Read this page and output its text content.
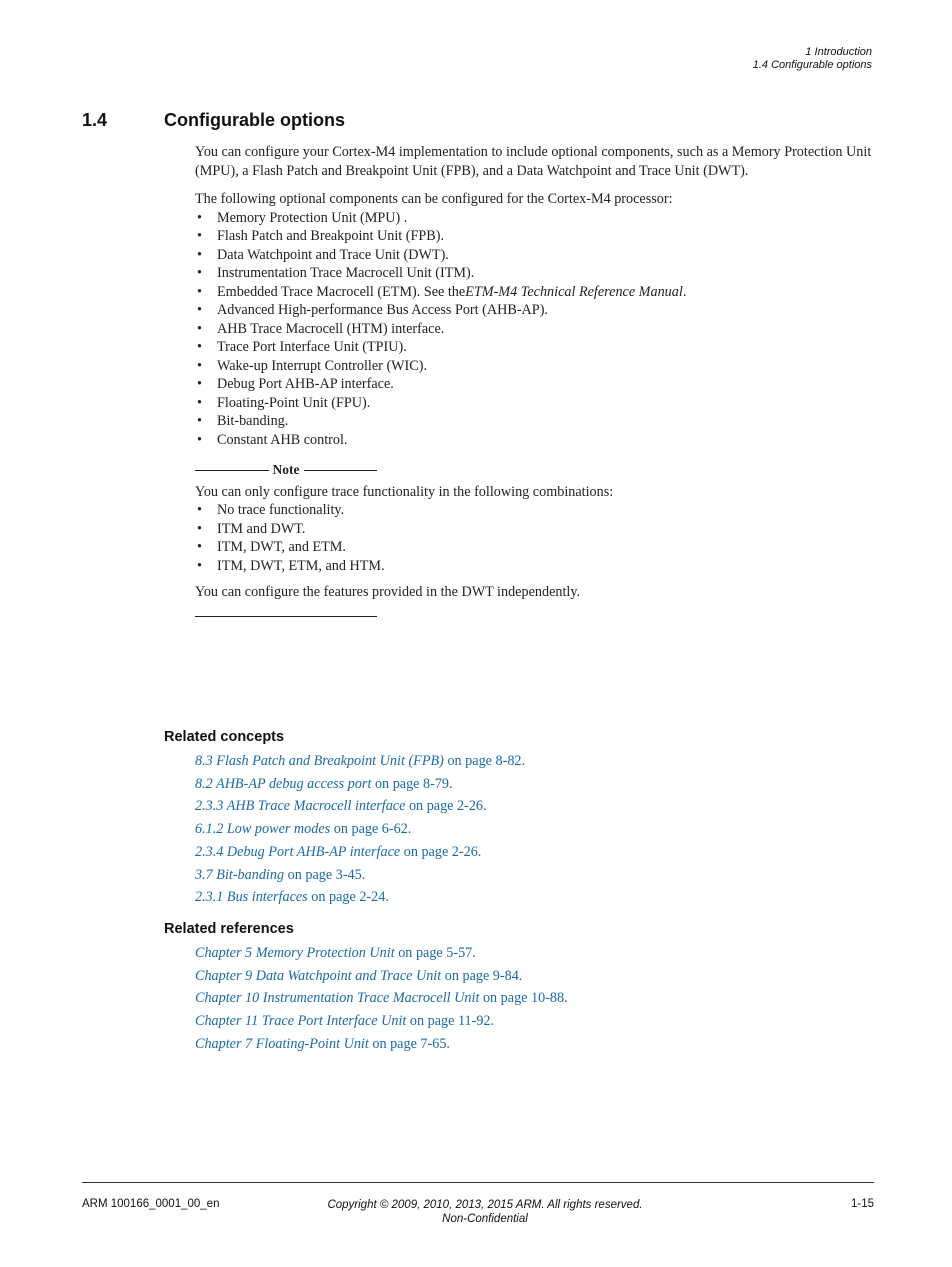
1 Introduction
1.4 Configurable options
1.4	Configurable options

You can configure your Cortex-M4 implementation to include optional components, such as a Memory Protection Unit (MPU), a Flash Patch and Breakpoint Unit (FPB), and a Data Watchpoint and Trace Unit (DWT).

The following optional components can be configured for the Cortex-M4 processor:

• Memory Protection Unit (MPU) .
• Flash Patch and Breakpoint Unit (FPB).
• Data Watchpoint and Trace Unit (DWT).
• Instrumentation Trace Macrocell Unit (ITM).
• Embedded Trace Macrocell (ETM). See theETM-M4 Technical Reference Manual.
• Advanced High-performance Bus Access Port (AHB-AP).
• AHB Trace Macrocell (HTM) interface.
• Trace Port Interface Unit (TPIU).
• Wake-up Interrupt Controller (WIC).
• Debug Port AHB-AP interface.
• Floating-Point Unit (FPU).
• Bit-banding.
• Constant AHB control.
Note

You can only configure trace functionality in the following combinations:

• No trace functionality.
• ITM and DWT.
• ITM, DWT, and ETM.
• ITM, DWT, ETM, and HTM.

You can configure the features provided in the DWT independently.

Related concepts
8.3 Flash Patch and Breakpoint Unit (FPB) on page 8-82.
8.2 AHB-AP debug access port on page 8-79.
2.3.3 AHB Trace Macrocell interface on page 2-26.
6.1.2 Low power modes on page 6-62.
2.3.4 Debug Port AHB-AP interface on page 2-26.
3.7 Bit-banding on page 3-45.
2.3.1 Bus interfaces on page 2-24.
Related references
Chapter 5 Memory Protection Unit on page 5-57.
Chapter 9 Data Watchpoint and Trace Unit on page 9-84.
Chapter 10 Instrumentation Trace Macrocell Unit on page 10-88.
Chapter 11 Trace Port Interface Unit on page 11-92.
Chapter 7 Floating-Point Unit on page 7-65.
ARM 100166_0001_00_en	Copyright © 2009, 2010, 2013, 2015 ARM. All rights reserved.
Non-Confidential
1-15
